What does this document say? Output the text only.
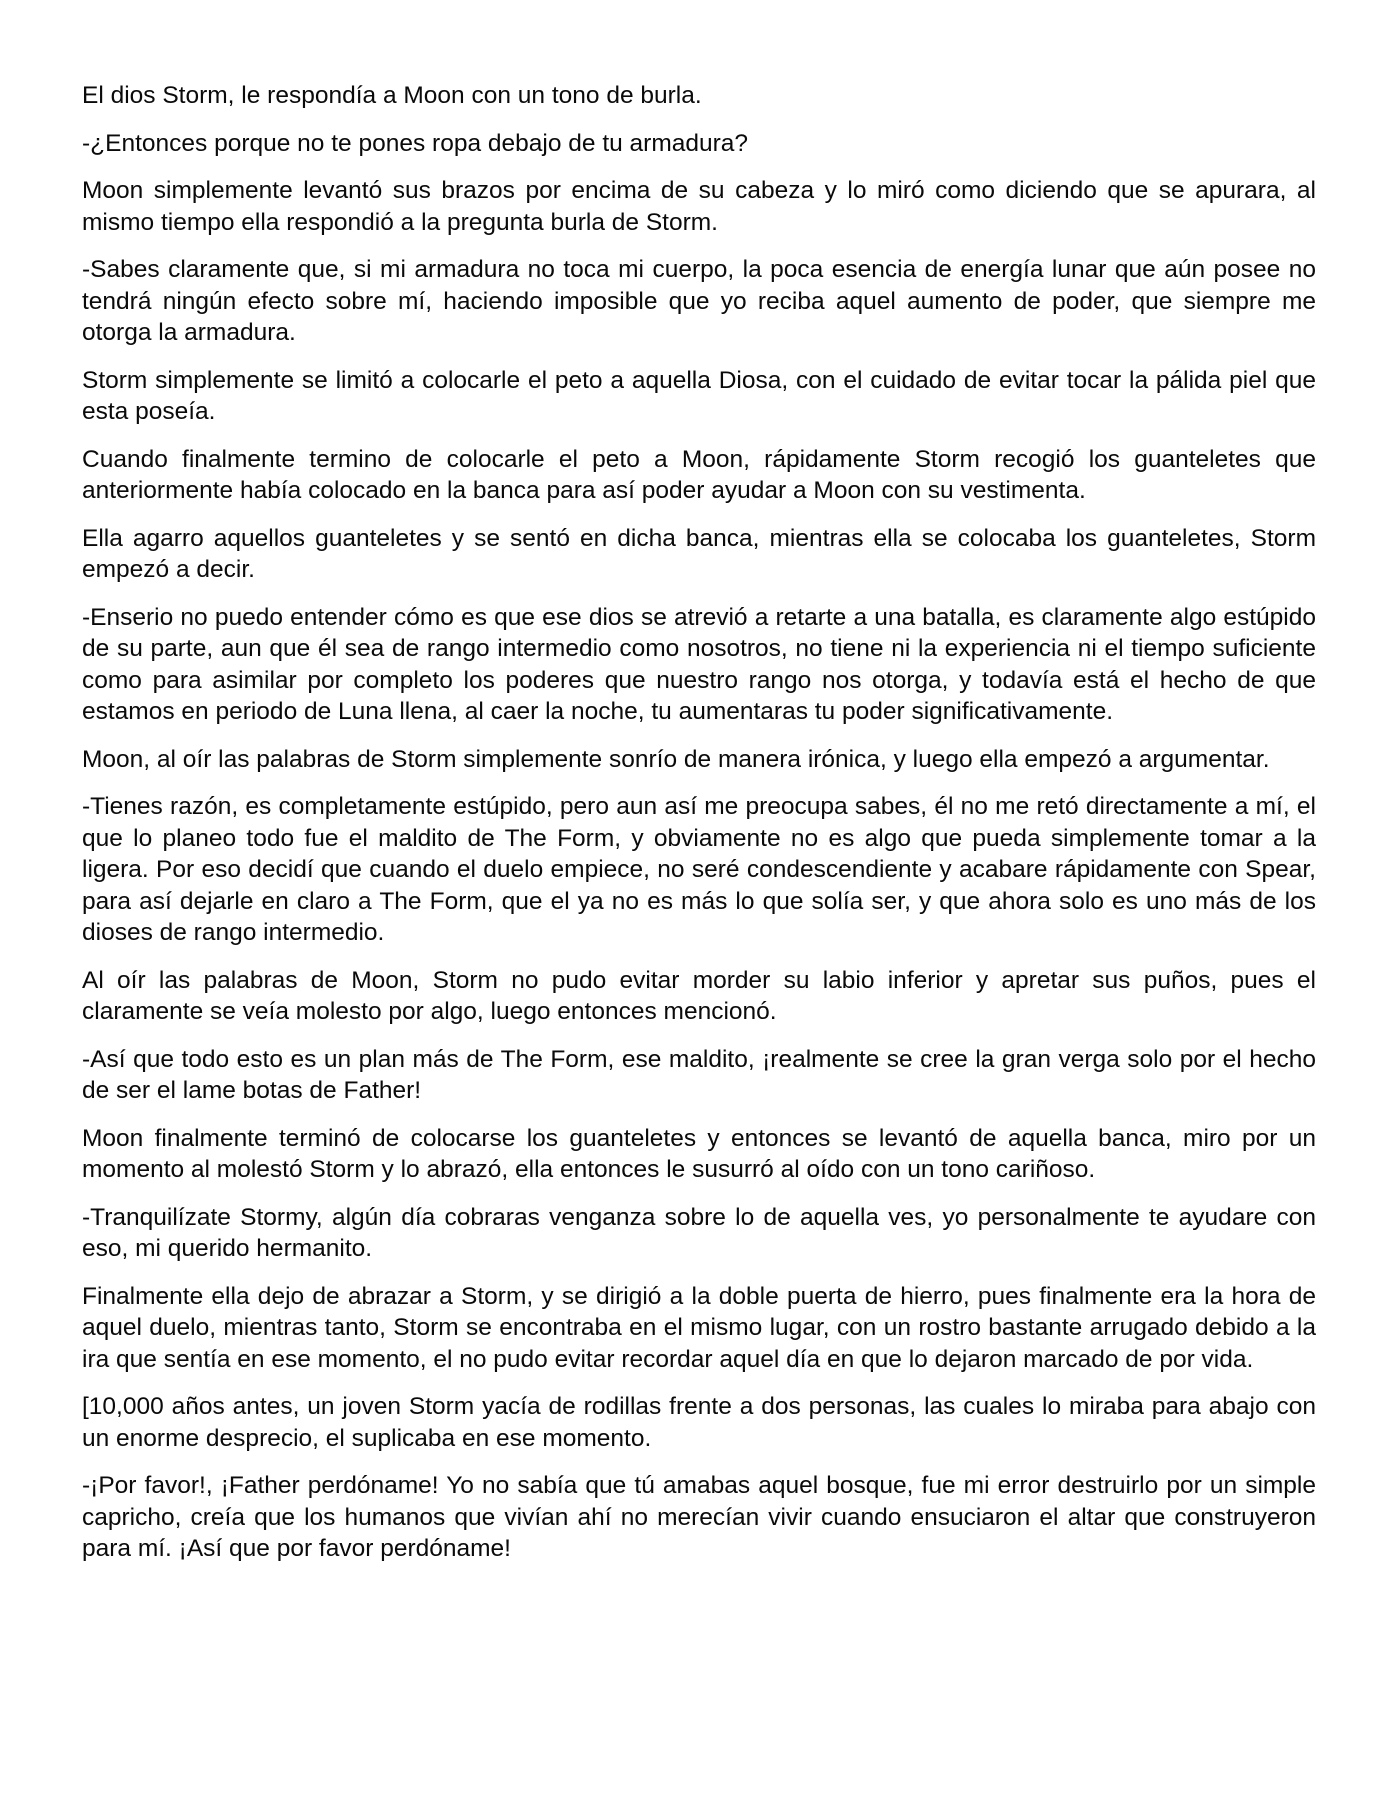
El dios Storm, le respondía a Moon con un tono de burla.

-¿Entonces porque no te pones ropa debajo de tu armadura?

Moon simplemente levantó sus brazos por encima de su cabeza y lo miró como diciendo que se apurara, al mismo tiempo ella respondió a la pregunta burla de Storm.

-Sabes claramente que, si mi armadura no toca mi cuerpo, la poca esencia de energía lunar que aún posee no tendrá ningún efecto sobre mí, haciendo imposible que yo reciba aquel aumento de poder, que siempre me otorga la armadura.

Storm simplemente se limitó a colocarle el peto a aquella Diosa, con el cuidado de evitar tocar la pálida piel que esta poseía.

Cuando finalmente termino de colocarle el peto a Moon, rápidamente Storm recogió los guanteletes que anteriormente había colocado en la banca para así poder ayudar a Moon con su vestimenta.

Ella agarro aquellos guanteletes y se sentó en dicha banca, mientras ella se colocaba los guanteletes, Storm empezó a decir.

-Enserio no puedo entender cómo es que ese dios se atrevió a retarte a una batalla, es claramente algo estúpido de su parte, aun que él sea de rango intermedio como nosotros, no tiene ni la experiencia ni el tiempo suficiente como para asimilar por completo los poderes que nuestro rango nos otorga, y todavía está el hecho de que estamos en periodo de Luna llena, al caer la noche, tu aumentaras tu poder significativamente.

Moon, al oír las palabras de Storm simplemente sonrío de manera irónica, y luego ella empezó a argumentar.

-Tienes razón, es completamente estúpido, pero aun así me preocupa sabes, él no me retó directamente a mí, el que lo planeo todo fue el maldito de The Form, y obviamente no es algo que pueda simplemente tomar a la ligera. Por eso decidí que cuando el duelo empiece, no seré condescendiente y acabare rápidamente con Spear, para así dejarle en claro a The Form, que el ya no es más lo que solía ser, y que ahora solo es uno más de los dioses de rango intermedio.

Al oír las palabras de Moon, Storm no pudo evitar morder su labio inferior y apretar sus puños, pues el claramente se veía molesto por algo, luego entonces mencionó.

-Así que todo esto es un plan más de The Form, ese maldito, ¡realmente se cree la gran verga solo por el hecho de ser el lame botas de Father!

Moon finalmente terminó de colocarse los guanteletes y entonces se levantó de aquella banca, miro por un momento al molestó Storm y lo abrazó, ella entonces le susurró al oído con un tono cariñoso.

-Tranquilízate Stormy, algún día cobraras venganza sobre lo de aquella ves, yo personalmente te ayudare con eso, mi querido hermanito.

Finalmente ella dejo de abrazar a Storm, y se dirigió a la doble puerta de hierro, pues finalmente era la hora de aquel duelo, mientras tanto, Storm se encontraba en el mismo lugar, con un rostro bastante arrugado debido a la ira que sentía en ese momento, el no pudo evitar recordar aquel día en que lo dejaron marcado de por vida.

[10,000 años antes, un joven Storm yacía de rodillas frente a dos personas, las cuales lo miraba para abajo con un enorme desprecio, el suplicaba en ese momento.

-¡Por favor!, ¡Father perdóname! Yo no sabía que tú amabas aquel bosque, fue mi error destruirlo por un simple capricho, creía que los humanos que vivían ahí no merecían vivir cuando ensuciaron el altar que construyeron para mí. ¡Así que por favor perdóname!
